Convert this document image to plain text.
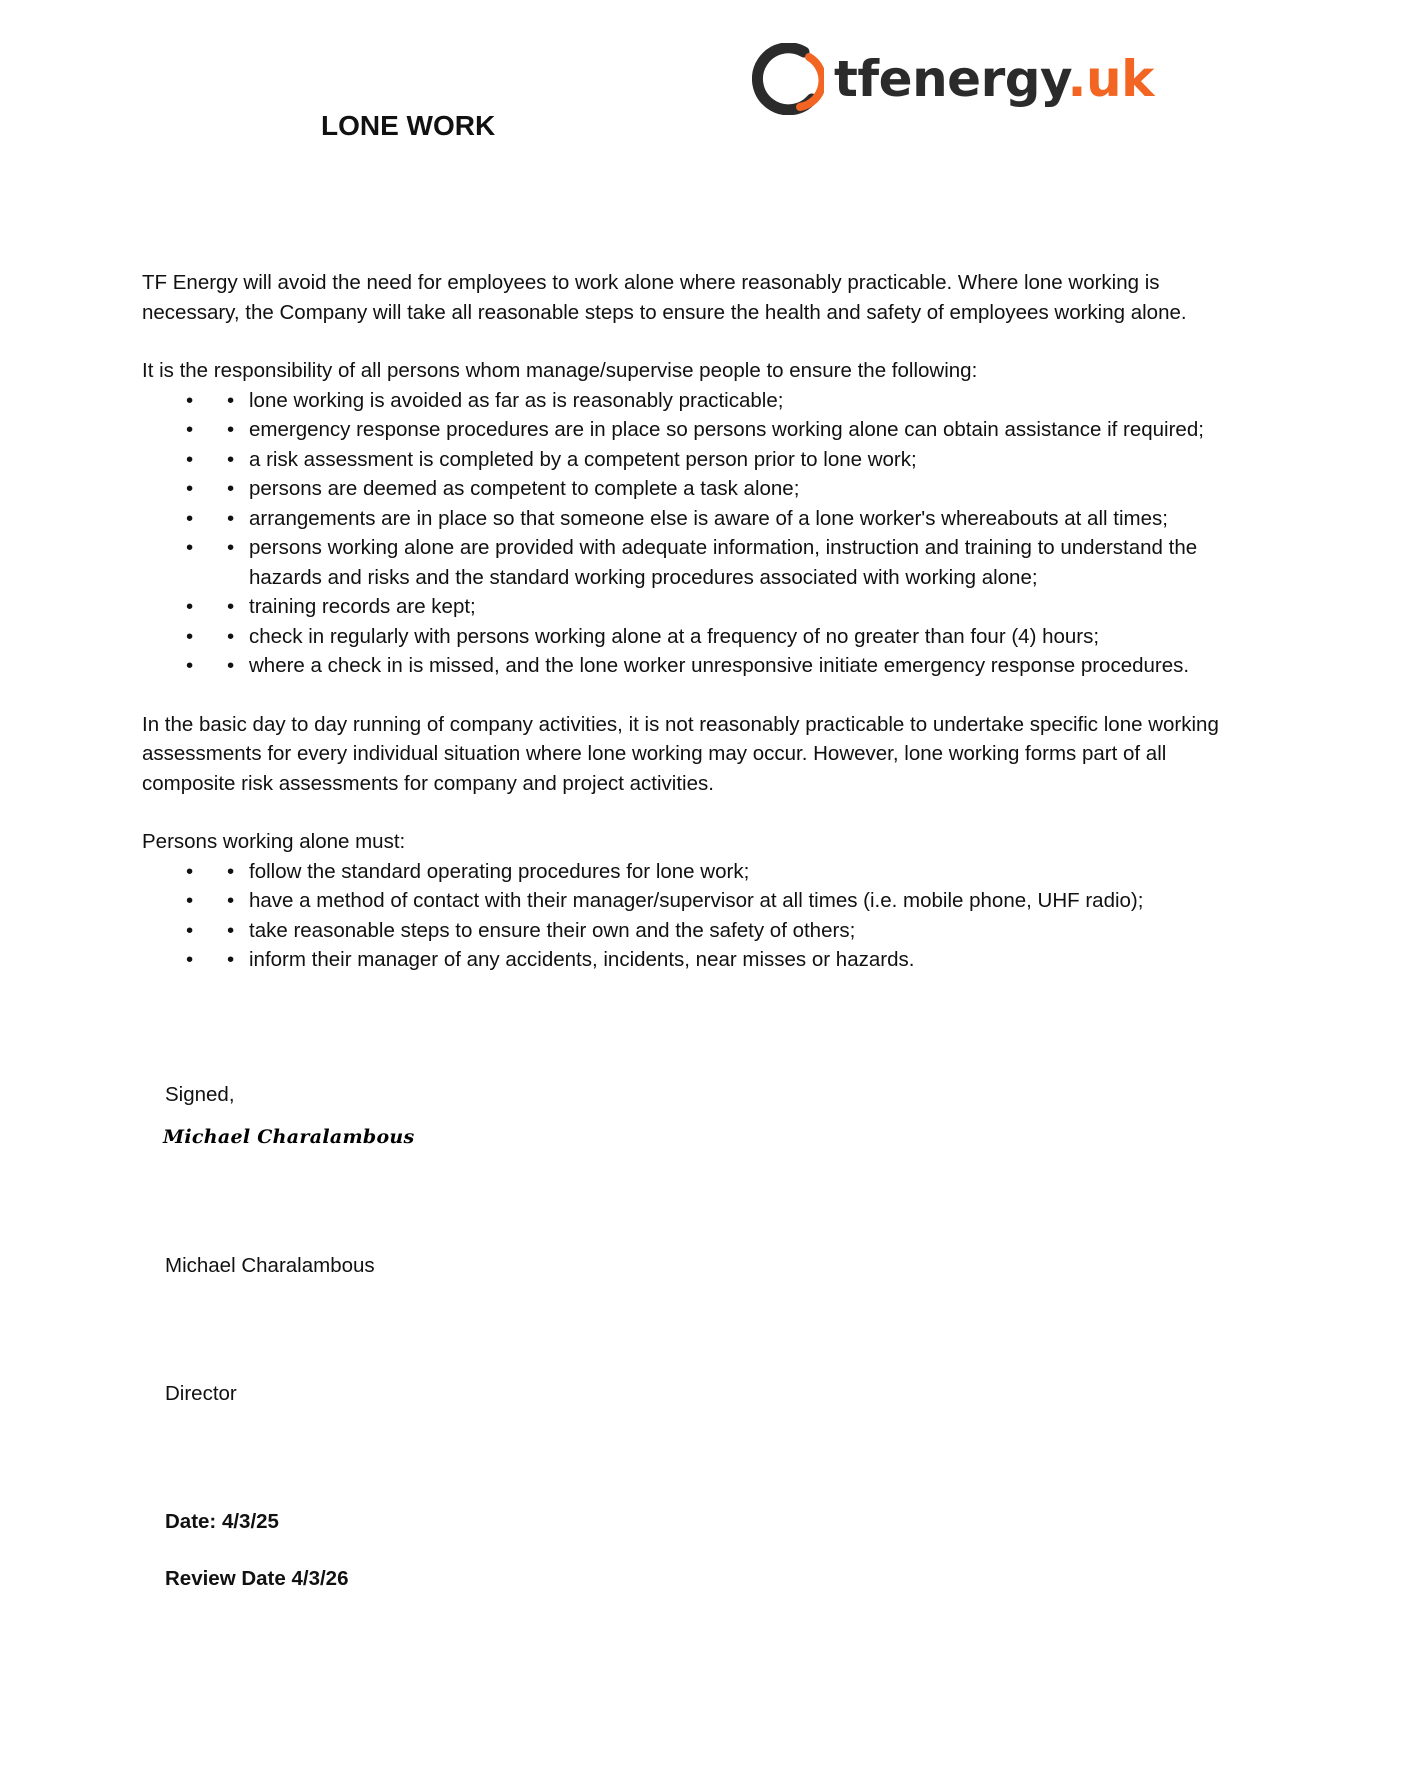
tfenergy.uk
LONE WORK

TF Energy will avoid the need for employees to work alone where reasonably practicable. Where lone working is necessary, the Company will take all reasonable steps to ensure the health and safety of employees working alone.

It is the responsibility of all persons whom manage/supervise people to ensure the following:

• • lone working is avoided as far as is reasonably practicable;
• • emergency response procedures are in place so persons working alone can obtain assistance if required;
• • a risk assessment is completed by a competent person prior to lone work;
• • persons are deemed as competent to complete a task alone;
• • arrangements are in place so that someone else is aware of a lone worker's whereabouts at all times;
• • persons working alone are provided with adequate information, instruction and training to understand the hazards and risks and the standard working procedures associated with working alone;
• • training records are kept;
• • check in regularly with persons working alone at a frequency of no greater than four (4) hours;
• • where a check in is missed, and the lone worker unresponsive initiate emergency response procedures.

In the basic day to day running of company activities, it is not reasonably practicable to undertake specific lone working assessments for every individual situation where lone working may occur. However, lone working forms part of all composite risk assessments for company and project activities.

Persons working alone must:

• • follow the standard operating procedures for lone work;
• • have a method of contact with their manager/supervisor at all times (i.e. mobile phone, UHF radio);
• • take reasonable steps to ensure their own and the safety of others;
• • inform their manager of any accidents, incidents, near misses or hazards.
Signed,
Michael Charalambous
Michael Charalambous
Director
Date: 4/3/25
Review Date 4/3/26
